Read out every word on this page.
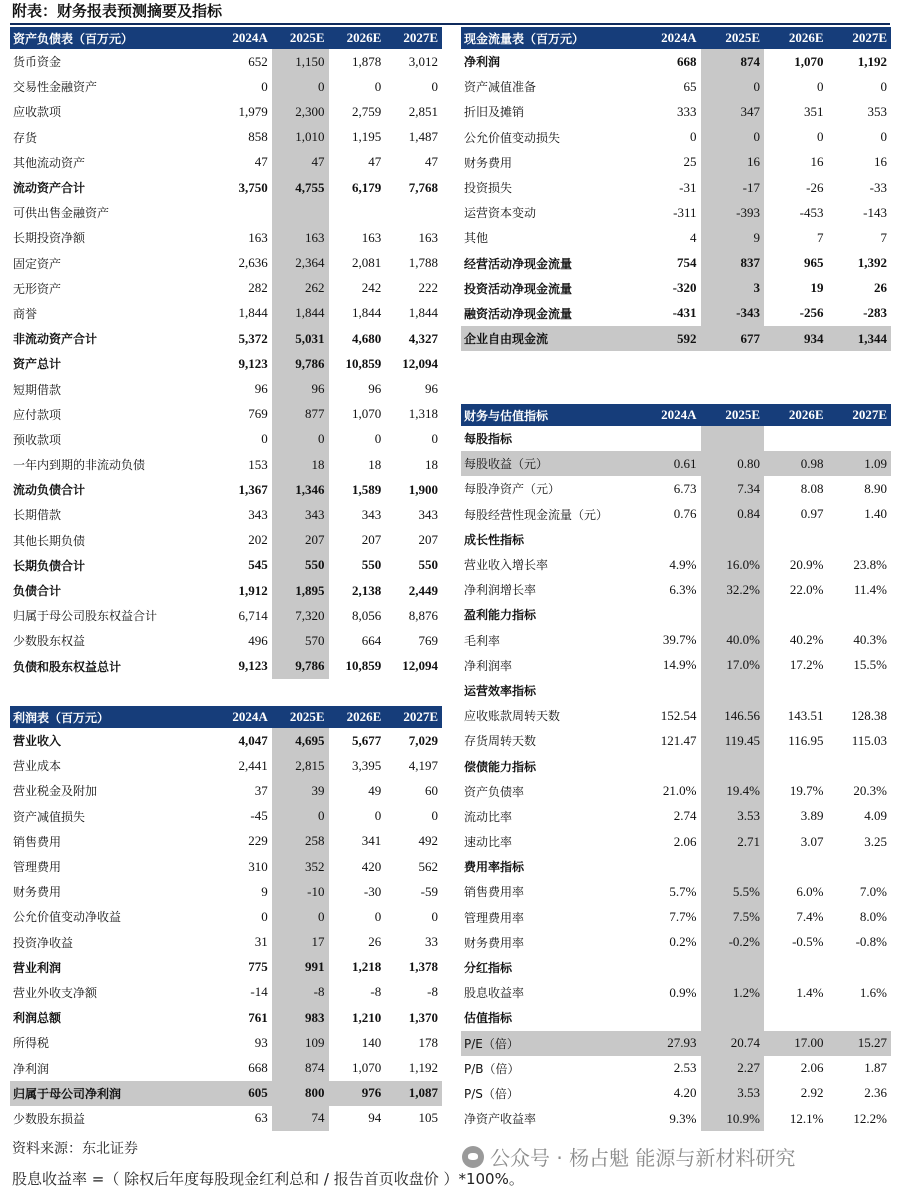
附表：财务报表预测摘要及指标
资产负债表（百万元）	2024A	2025E	2026E	2027E
货币资金	652	1,150	1,878	3,012
交易性金融资产	0	0	0	0
应收款项	1,979	2,300	2,759	2,851
存货	858	1,010	1,195	1,487
其他流动资产	47	47	47	47
流动资产合计	3,750	4,755	6,179	7,768
可供出售金融资产				
长期投资净额	163	163	163	163
固定资产	2,636	2,364	2,081	1,788
无形资产	282	262	242	222
商誉	1,844	1,844	1,844	1,844
非流动资产合计	5,372	5,031	4,680	4,327
资产总计	9,123	9,786	10,859	12,094
短期借款	96	96	96	96
应付款项	769	877	1,070	1,318
预收款项	0	0	0	0
一年内到期的非流动负债	153	18	18	18
流动负债合计	1,367	1,346	1,589	1,900
长期借款	343	343	343	343
其他长期负债	202	207	207	207
长期负债合计	545	550	550	550
负债合计	1,912	1,895	2,138	2,449
归属于母公司股东权益合计	6,714	7,320	8,056	8,876
少数股东权益	496	570	664	769
负债和股东权益总计	9,123	9,786	10,859	12,094
利润表（百万元）	2024A	2025E	2026E	2027E
营业收入	4,047	4,695	5,677	7,029
营业成本	2,441	2,815	3,395	4,197
营业税金及附加	37	39	49	60
资产减值损失	-45	0	0	0
销售费用	229	258	341	492
管理费用	310	352	420	562
财务费用	9	-10	-30	-59
公允价值变动净收益	0	0	0	0
投资净收益	31	17	26	33
营业利润	775	991	1,218	1,378
营业外收支净额	-14	-8	-8	-8
利润总额	761	983	1,210	1,370
所得税	93	109	140	178
净利润	668	874	1,070	1,192
归属于母公司净利润	605	800	976	1,087
少数股东损益	63	74	94	105
现金流量表（百万元）	2024A	2025E	2026E	2027E
净利润	668	874	1,070	1,192
资产减值准备	65	0	0	0
折旧及摊销	333	347	351	353
公允价值变动损失	0	0	0	0
财务费用	25	16	16	16
投资损失	-31	-17	-26	-33
运营资本变动	-311	-393	-453	-143
其他	4	9	7	7
经营活动净现金流量	754	837	965	1,392
投资活动净现金流量	-320	3	19	26
融资活动净现金流量	-431	-343	-256	-283
企业自由现金流	592	677	934	1,344
财务与估值指标	2024A	2025E	2026E	2027E
每股指标				
每股收益（元）	0.61	0.80	0.98	1.09
每股净资产（元）	6.73	7.34	8.08	8.90
每股经营性现金流量（元）	0.76	0.84	0.97	1.40
成长性指标				
营业收入增长率	4.9%	16.0%	20.9%	23.8%
净利润增长率	6.3%	32.2%	22.0%	11.4%
盈利能力指标				
毛利率	39.7%	40.0%	40.2%	40.3%
净利润率	14.9%	17.0%	17.2%	15.5%
运营效率指标				
应收账款周转天数	152.54	146.56	143.51	128.38
存货周转天数	121.47	119.45	116.95	115.03
偿债能力指标				
资产负债率	21.0%	19.4%	19.7%	20.3%
流动比率	2.74	3.53	3.89	4.09
速动比率	2.06	2.71	3.07	3.25
费用率指标				
销售费用率	5.7%	5.5%	6.0%	7.0%
管理费用率	7.7%	7.5%	7.4%	8.0%
财务费用率	0.2%	-0.2%	-0.5%	-0.8%
分红指标				
股息收益率	0.9%	1.2%	1.4%	1.6%
估值指标				
P/E（倍）	27.93	20.74	17.00	15.27
P/B（倍）	2.53	2.27	2.06	1.87
P/S（倍）	4.20	3.53	2.92	2.36
净资产收益率	9.3%	10.9%	12.1%	12.2%
资料来源：东北证券
股息收益率 =（ 除权后年度每股现金红利总和 / 报告首页收盘价 ）*100%。
公众号 · 杨占魁 能源与新材料研究
